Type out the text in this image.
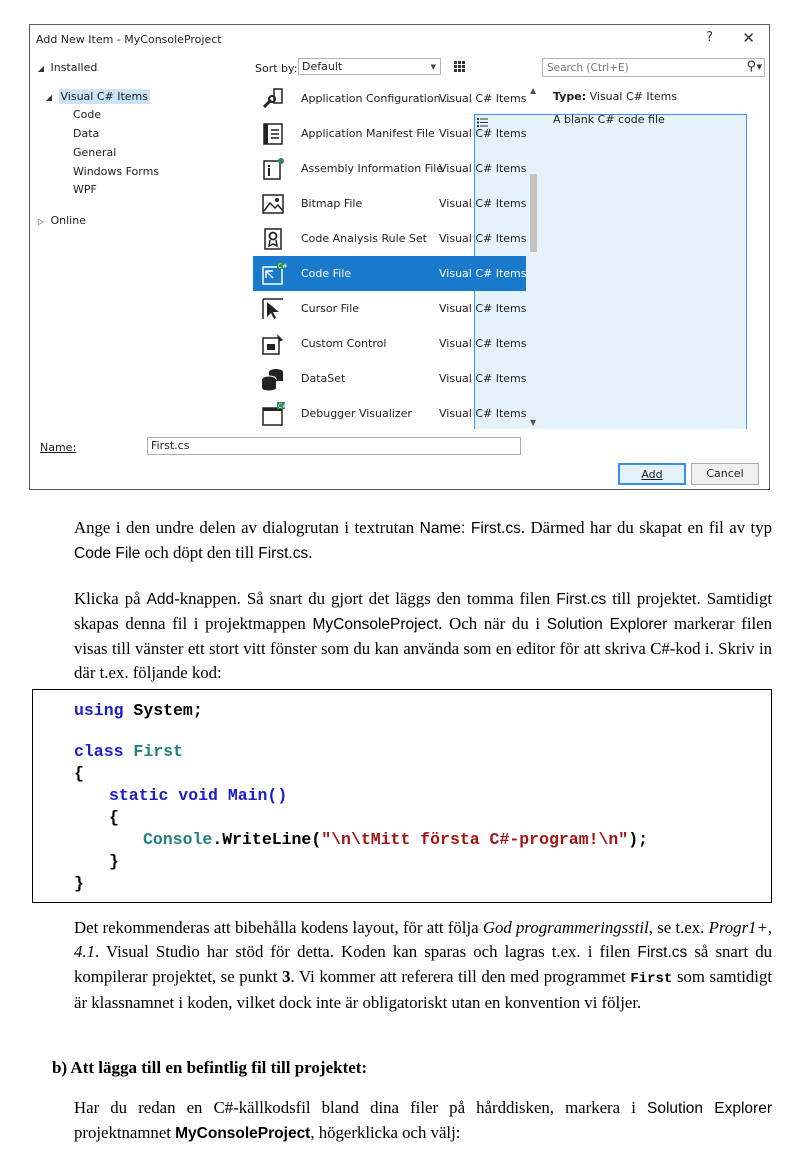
Add New Item - MyConsoleProject	? ✕
◢ Installed
◢ Visual C# Items
Code
Data
General
Windows Forms
WPF
▷ Online
Sort by: Default	▼	Search (Ctrl+E)	⚲ ▼
Application Configuration...
Visual C# Items
Application Manifest File Visual C# Items
Assembly Information File
Visual C# Items
Bitmap File	Visual C# Items
Code Analysis Rule Set Visual C# Items
C#
Code File	Visual C# Items
Cursor File	Visual C# Items
Custom Control	Visual C# Items
DataSet	Visual C# Items
C#
Debugger Visualizer Visual C# Items
▲
▼
Type: Visual C# Items
A blank C# code file
Name:	First.cs
Add	Cancel
Ange i den undre delen av dialogrutan i textrutan Name: First.cs. Därmed har du skapat en fil av typ Code File och döpt den till First.cs.
Klicka på Add-knappen. Så snart du gjort det läggs den tomma filen First.cs till projektet. Samtidigt skapas denna fil i projektmappen MyConsoleProject. Och när du i Solution Explorer markerar filen visas till vänster ett stort vitt fönster som du kan använda som en editor för att skriva C#-kod i. Skriv in där t.ex. följande kod:
using System;
class First
{
static void Main()
{
Console.WriteLine("\n\tMitt första C#-program!\n");
}
}
Det rekommenderas att bibehålla kodens layout, för att följa God programmeringsstil, se t.ex. Progr1+, 4.1. Visual Studio har stöd för detta. Koden kan sparas och lagras t.ex. i filen First.cs så snart du kompilerar projektet, se punkt 3. Vi kommer att referera till den med programmet First som samtidigt är klassnamnet i koden, vilket dock inte är obligatoriskt utan en konvention vi följer.
b) Att lägga till en befintlig fil till projektet:
Har du redan en C#-källkodsfil bland dina filer på hårddisken, markera i Solution Explorer projektnamnet MyConsoleProject, högerklicka och välj:
